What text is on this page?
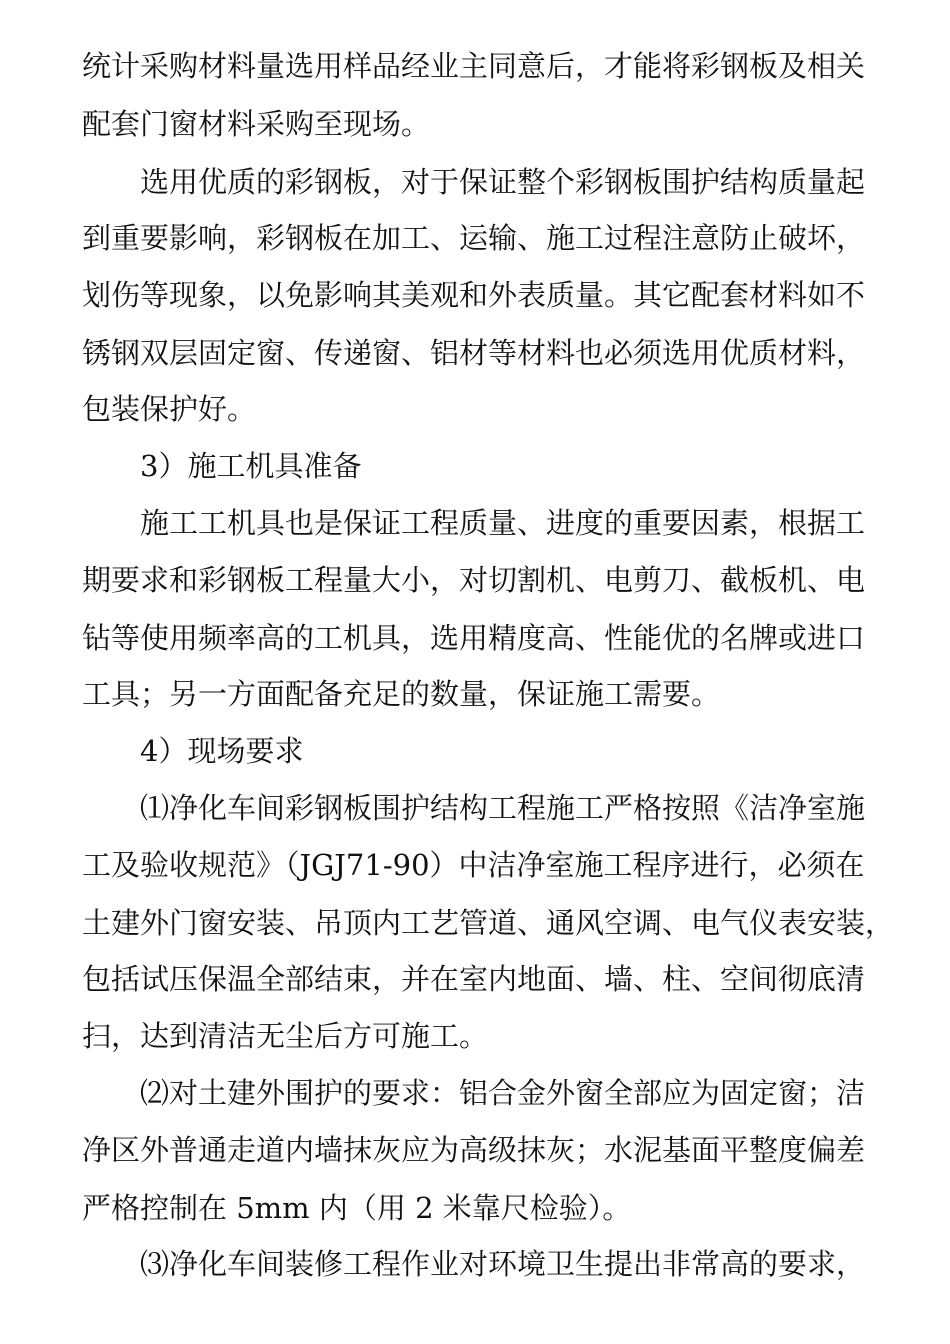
统计采购材料量选用样品经业主同意后，才能将彩钢板及相关
配套门窗材料采购至现场。
　　选用优质的彩钢板，对于保证整个彩钢板围护结构质量起
到重要影响，彩钢板在加工、运输、施工过程注意防止破坏，
划伤等现象，以免影响其美观和外表质量。其它配套材料如不
锈钢双层固定窗、传递窗、铝材等材料也必须选用优质材料，
包装保护好。
　　3）施工机具准备
　　施工工机具也是保证工程质量、进度的重要因素，根据工
期要求和彩钢板工程量大小，对切割机、电剪刀、截板机、电
钻等使用频率高的工机具，选用精度高、性能优的名牌或进口
工具；另一方面配备充足的数量，保证施工需要。
　　4）现场要求
　　⑴净化车间彩钢板围护结构工程施工严格按照《洁净室施
工及验收规范》（JGJ71-90）中洁净室施工程序进行，必须在
土建外门窗安装、吊顶内工艺管道、通风空调、电气仪表安装，
包括试压保温全部结束，并在室内地面、墙、柱、空间彻底清
扫，达到清洁无尘后方可施工。
　　⑵对土建外围护的要求：铝合金外窗全部应为固定窗；洁
净区外普通走道内墙抹灰应为高级抹灰；水泥基面平整度偏差
严格控制在 5mm 内（用 2 米靠尺检验）。
　　⑶净化车间装修工程作业对环境卫生提出非常高的要求，
